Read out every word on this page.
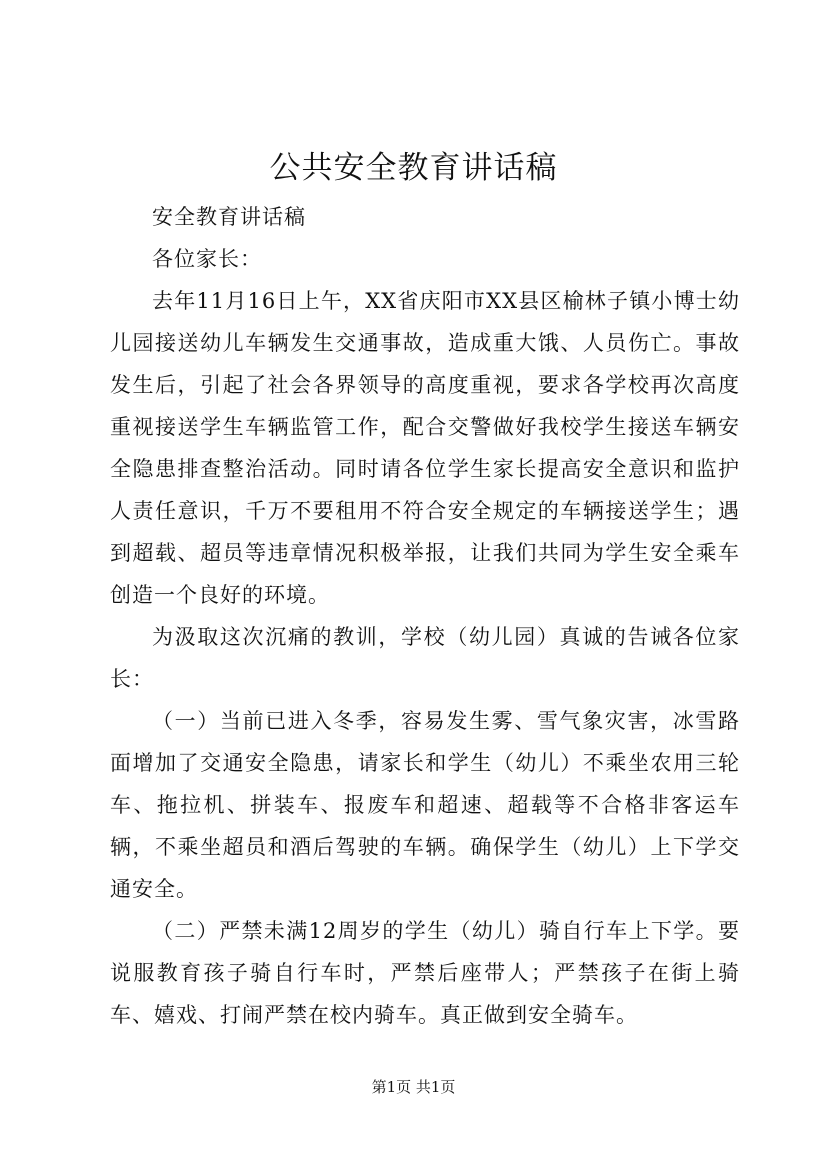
公共安全教育讲话稿

安全教育讲话稿

各位家长：

去年11月16日上午，XX省庆阳市XX县区榆林子镇小博士幼儿园接送幼儿车辆发生交通事故，造成重大饿、人员伤亡。事故发生后，引起了社会各界领导的高度重视，要求各学校再次高度重视接送学生车辆监管工作，配合交警做好我校学生接送车辆安全隐患排查整治活动。同时请各位学生家长提高安全意识和监护人责任意识，千万不要租用不符合安全规定的车辆接送学生；遇到超载、超员等违章情况积极举报，让我们共同为学生安全乘车创造一个良好的环境。

为汲取这次沉痛的教训，学校（幼儿园）真诚的告诫各位家长：

（一）当前已进入冬季，容易发生雾、雪气象灾害，冰雪路面增加了交通安全隐患，请家长和学生（幼儿）不乘坐农用三轮车、拖拉机、拼装车、报废车和超速、超载等不合格非客运车辆，不乘坐超员和酒后驾驶的车辆。确保学生（幼儿）上下学交通安全。

（二）严禁未满12周岁的学生（幼儿）骑自行车上下学。要说服教育孩子骑自行车时，严禁后座带人；严禁孩子在街上骑车、嬉戏、打闹严禁在校内骑车。真正做到安全骑车。

第1页 共1页
